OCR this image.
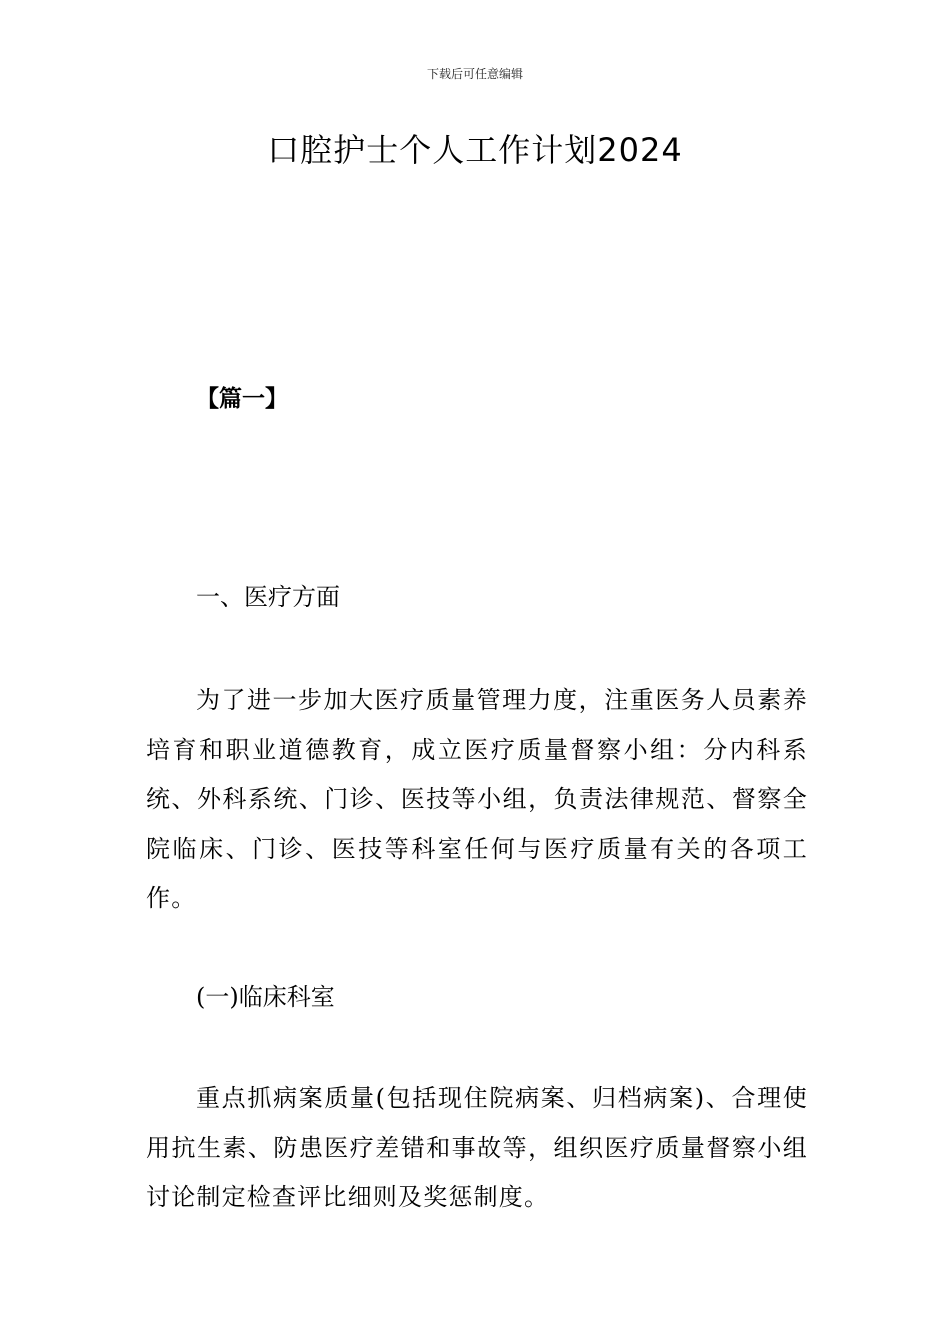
下载后可任意编辑
口腔护士个人工作计划2024
【篇一】
一、医疗方面
为了进一步加大医疗质量管理力度，注重医务人员素养培育和职业道德教育，成立医疗质量督察小组：分内科系统、外科系统、门诊、医技等小组，负责法律规范、督察全院临床、门诊、医技等科室任何与医疗质量有关的各项工作。
(一)临床科室
重点抓病案质量(包括现住院病案、归档病案)、合理使用抗生素、防患医疗差错和事故等，组织医疗质量督察小组讨论制定检查评比细则及奖惩制度。
